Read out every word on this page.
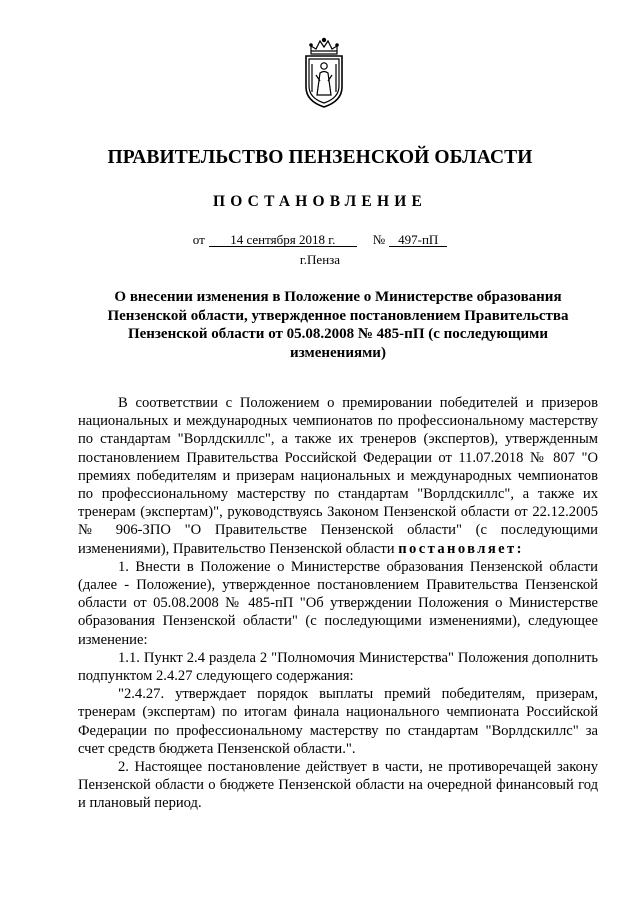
ПРАВИТЕЛЬСТВО ПЕНЗЕНСКОЙ ОБЛАСТИ
ПОСТАНОВЛЕНИЕ
от 14 сентября 2018 г.	№ 497-пП
г.Пенза
О внесении изменения в Положение о Министерстве образования Пензенской области, утвержденное постановлением Правительства Пензенской области от 05.08.2008 № 485-пП (с последующими изменениями)

В соответствии с Положением о премировании победителей и призеров национальных и международных чемпионатов по профессиональному мастерству по стандартам "Ворлдскиллс", а также их тренеров (экспертов), утвержденным постановлением Правительства Российской Федерации от 11.07.2018 № 807 "О премиях победителям и призерам национальных и международных чемпионатов по профессиональному мастерству по стандартам "Ворлдскиллс", а также их тренерам (экспертам)", руководствуясь Законом Пензенской области от 22.12.2005 № 906-ЗПО "О Правительстве Пензенской области" (с последующими изменениями), Правительство Пензенской области постановляет:

1. Внести в Положение о Министерстве образования Пензенской области (далее - Положение), утвержденное постановлением Правительства Пензенской области от 05.08.2008 № 485-пП "Об утверждении Положения о Министерстве образования Пензенской области" (с последующими изменениями), следующее изменение:

1.1. Пункт 2.4 раздела 2 "Полномочия Министерства" Положения дополнить подпунктом 2.4.27 следующего содержания:

"2.4.27. утверждает порядок выплаты премий победителям, призерам, тренерам (экспертам) по итогам финала национального чемпионата Российской Федерации по профессиональному мастерству по стандартам "Ворлдскиллс" за счет средств бюджета Пензенской области.".

2. Настоящее постановление действует в части, не противоречащей закону Пензенской области о бюджете Пензенской области на очередной финансовый год и плановый период.
